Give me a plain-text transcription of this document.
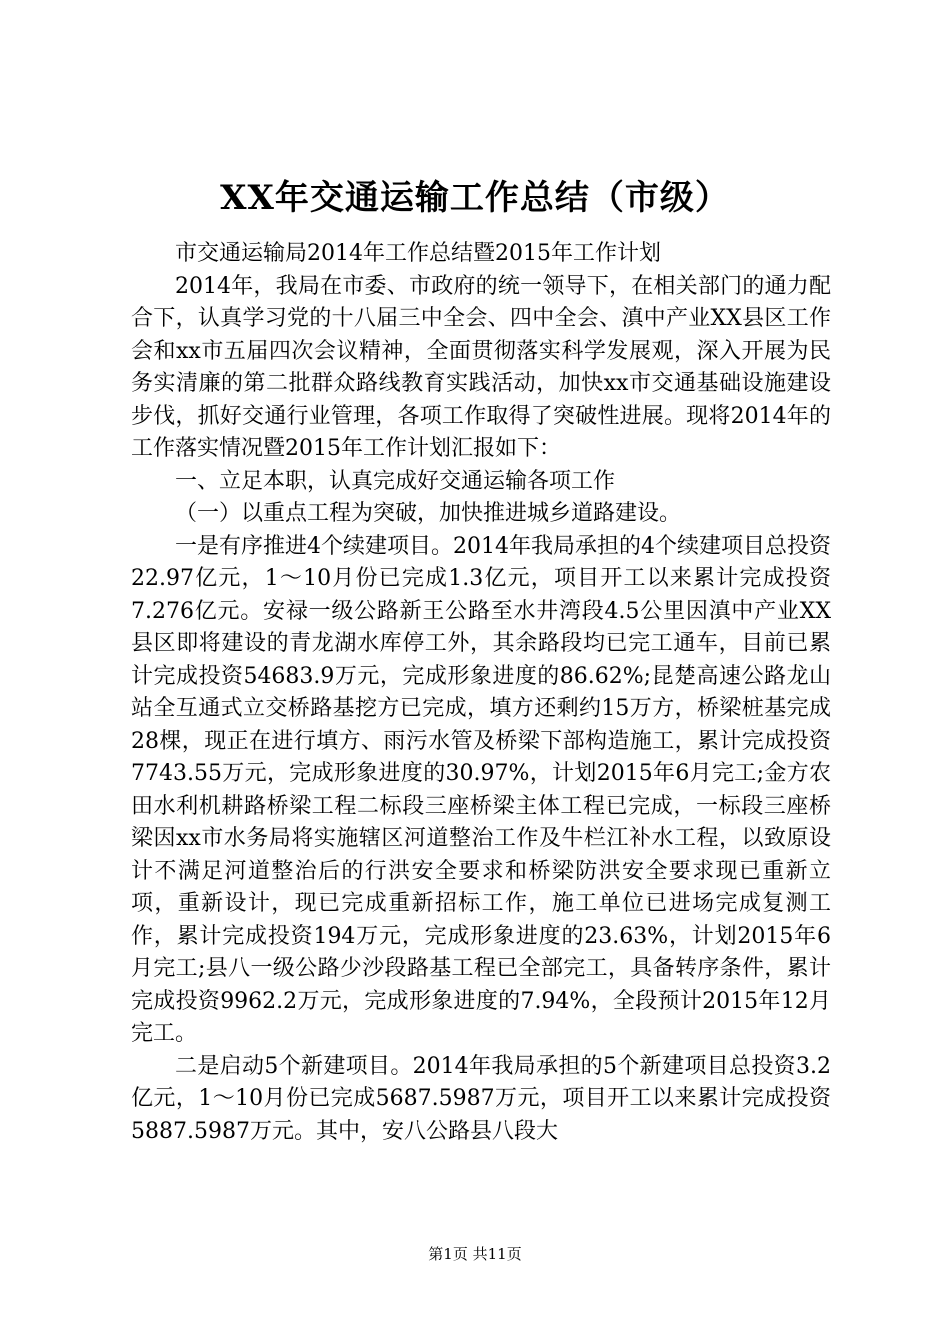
XX年交通运输工作总结（市级）

市交通运输局2014年工作总结暨2015年工作计划

2014年，我局在市委、市政府的统一领导下，在相关部门的通力配合下，认真学习党的十八届三中全会、四中全会、滇中产业XX县区工作会和xx市五届四次会议精神，全面贯彻落实科学发展观，深入开展为民务实清廉的第二批群众路线教育实践活动，加快xx市交通基础设施建设步伐，抓好交通行业管理，各项工作取得了突破性进展。现将2014年的工作落实情况暨2015年工作计划汇报如下：

一、立足本职，认真完成好交通运输各项工作

（一）以重点工程为突破，加快推进城乡道路建设。

一是有序推进4个续建项目。2014年我局承担的4个续建项目总投资22.97亿元，1～10月份已完成1.3亿元，项目开工以来累计完成投资7.276亿元。安禄一级公路新王公路至水井湾段4.5公里因滇中产业XX县区即将建设的青龙湖水库停工外，其余路段均已完工通车，目前已累计完成投资54683.9万元，完成形象进度的86.62%;昆楚高速公路龙山站全互通式立交桥路基挖方已完成，填方还剩约15万方，桥梁桩基完成28棵，现正在进行填方、雨污水管及桥梁下部构造施工，累计完成投资7743.55万元，完成形象进度的30.97%，计划2015年6月完工;金方农田水利机耕路桥梁工程二标段三座桥梁主体工程已完成，一标段三座桥梁因xx市水务局将实施辖区河道整治工作及牛栏江补水工程，以致原设计不满足河道整治后的行洪安全要求和桥梁防洪安全要求现已重新立项，重新设计，现已完成重新招标工作，施工单位已进场完成复测工作，累计完成投资194万元，完成形象进度的23.63%，计划2015年6月完工;县八一级公路少沙段路基工程已全部完工，具备转序条件，累计完成投资9962.2万元，完成形象进度的7.94%，全段预计2015年12月完工。

二是启动5个新建项目。2014年我局承担的5个新建项目总投资3.2亿元，1～10月份已完成5687.5987万元，项目开工以来累计完成投资5887.5987万元。其中，安八公路县八段大

第1页 共11页
